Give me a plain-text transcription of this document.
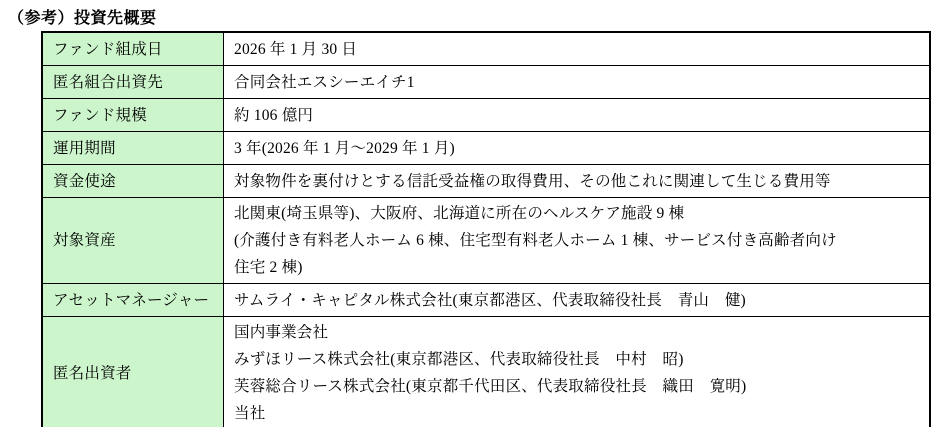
（参考）投資先概要
ファンド組成日	2026 年 1 月 30 日

匿名組合出資先	合同会社エスシーエイチ1

ファンド規模	約 106 億円

運用期間	3 年(2026 年 1 月～2029 年 1 月)

資金使途	対象物件を裏付けとする信託受益権の取得費用、その他これに関連して生じる費用等

対象資産	北関東(埼玉県等)、大阪府、北海道に所在のヘルスケア施設 9 棟
(介護付き有料老人ホーム 6 棟、住宅型有料老人ホーム 1 棟、サービス付き高齢者向け
住宅 2 棟)

アセットマネージャー	サムライ・キャピタル株式会社(東京都港区、代表取締役社長　青山　健)

匿名出資者	国内事業会社
みずほリース株式会社(東京都港区、代表取締役社長　中村　昭)
芙蓉総合リース株式会社(東京都千代田区、代表取締役社長　織田　寛明)
当社
